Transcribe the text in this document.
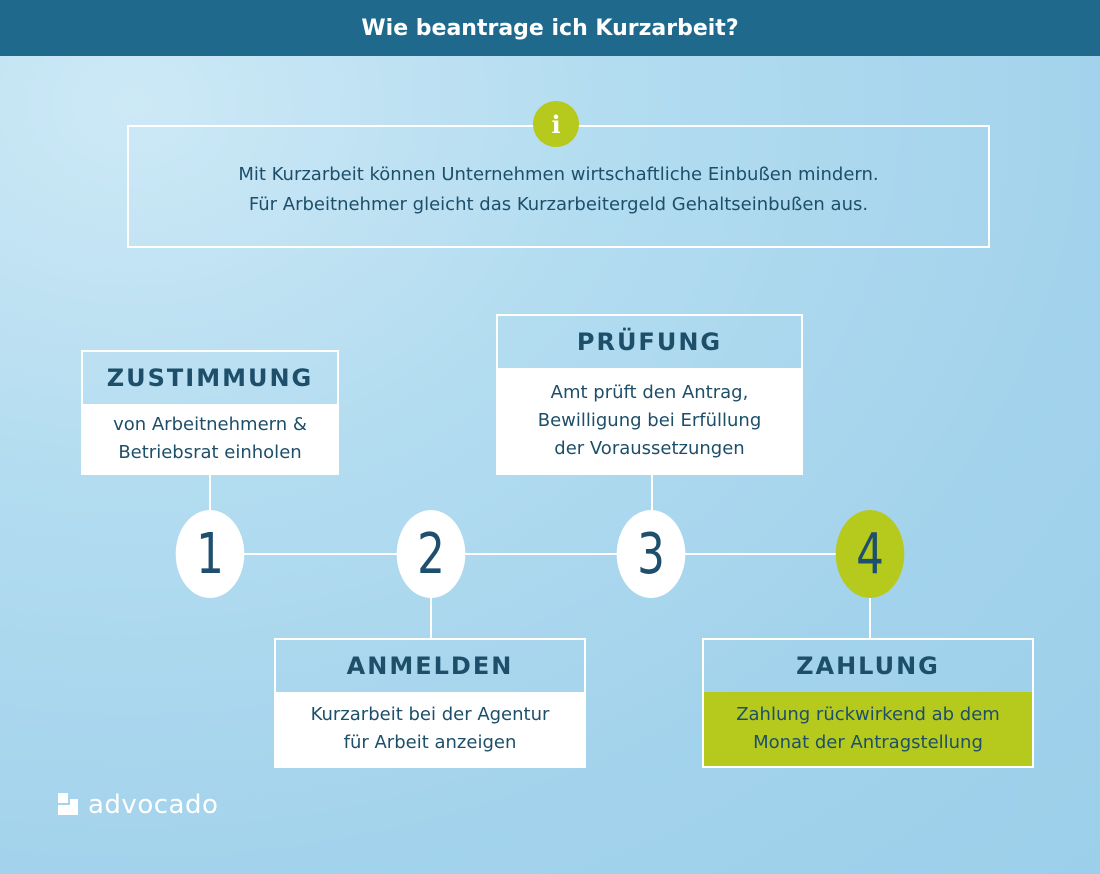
Wie beantrage ich Kurzarbeit?
Mit Kurzarbeit können Unternehmen wirtschaftliche Einbußen mindern.
Für Arbeitnehmer gleicht das Kurzarbeitergeld Gehaltseinbußen aus.
i
1	2	3	4
ZUSTIMMUNG
von Arbeitnehmern &
Betriebsrat einholen
ANMELDEN
Kurzarbeit bei der Agentur
für Arbeit anzeigen
PRÜFUNG
Amt prüft den Antrag,
Bewilligung bei Erfüllung
der Voraussetzungen
ZAHLUNG
Zahlung rückwirkend ab dem
Monat der Antragstellung
advocado
